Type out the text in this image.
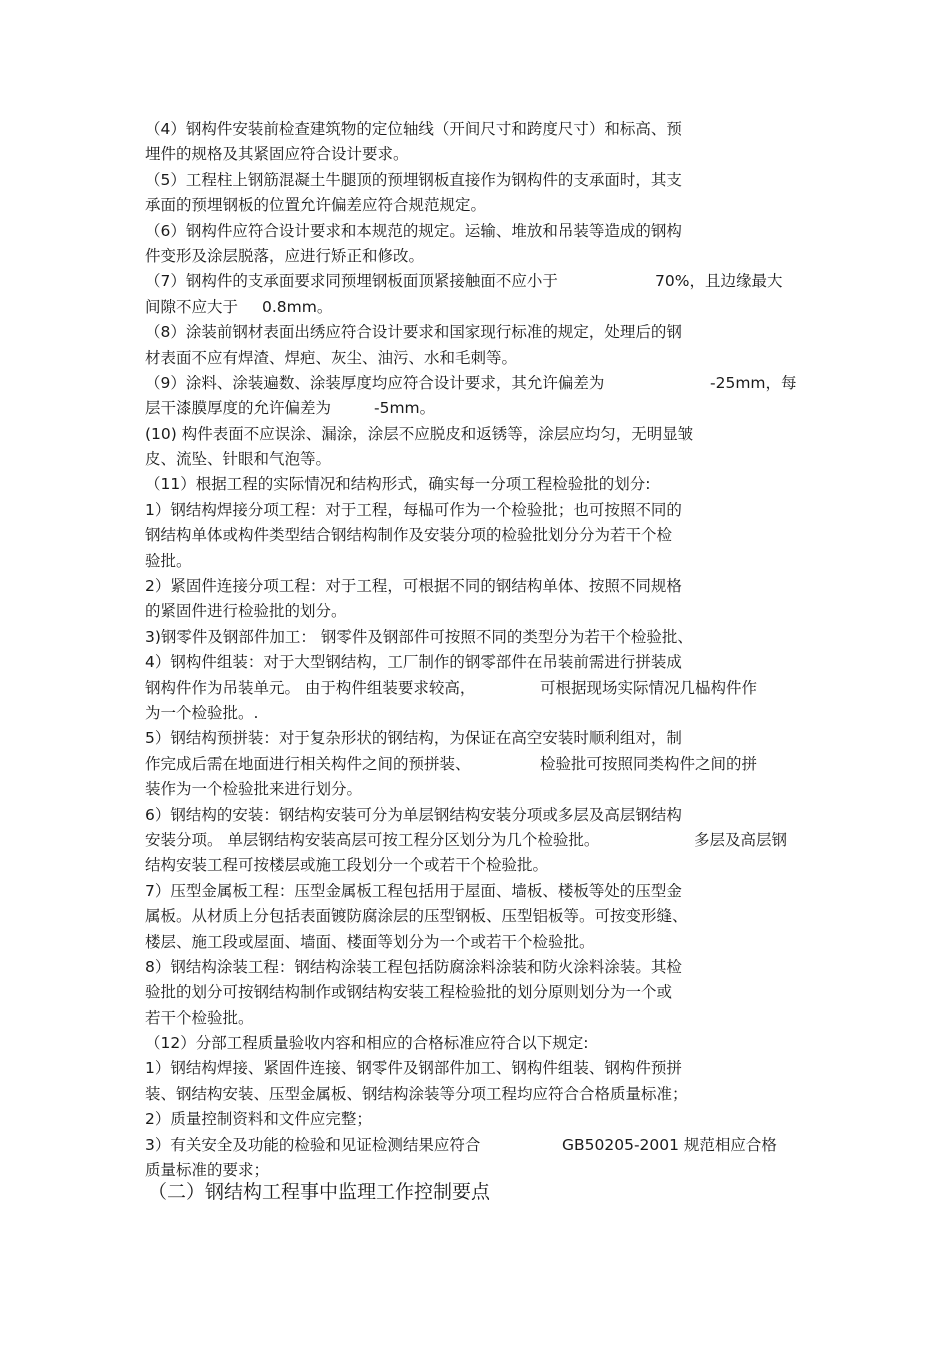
（4）钢构件安装前检查建筑物的定位轴线（开间尺寸和跨度尺寸）和标高、预
埋件的规格及其紧固应符合设计要求。
（5）工程柱上钢筋混凝土牛腿顶的预埋钢板直接作为钢构件的支承面时，其支
承面的预埋钢板的位置允许偏差应符合规范规定。
（6）钢构件应符合设计要求和本规范的规定。运输、堆放和吊装等造成的钢构
件变形及涂层脱落，应进行矫正和修改。
（7）钢构件的支承面要求同预埋钢板面顶紧接触面不应小于	70%，且边缘最大
间隙不应大于 0.8mm。
（8）涂装前钢材表面出绣应符合设计要求和国家现行标准的规定，处理后的钢
材表面不应有焊渣、焊疤、灰尘、油污、水和毛刺等。
（9）涂料、涂装遍数、涂装厚度均应符合设计要求，其允许偏差为	-25mm，每
层干漆膜厚度的允许偏差为	-5mm。
(10) 构件表面不应误涂、漏涂，涂层不应脱皮和返锈等，涂层应均匀，无明显皱
皮、流坠、针眼和气泡等。
（11）根据工程的实际情况和结构形式，确实每一分项工程检验批的划分:
1）钢结构焊接分项工程：对于工程，每榀可作为一个检验批；也可按照不同的
钢结构单体或构件类型结合钢结构制作及安装分项的检验批划分分为若干个检
验批。
2）紧固件连接分项工程：对于工程，可根据不同的钢结构单体、按照不同规格
的紧固件进行检验批的划分。
3)钢零件及钢部件加工： 钢零件及钢部件可按照不同的类型分为若干个检验批、
4）钢构件组装：对于大型钢结构，工厂制作的钢零部件在吊装前需进行拼装成
钢构件作为吊装单元。 由于构件组装要求较高，	可根据现场实际情况几榀构件作
为一个检验批。.
5）钢结构预拼装：对于复杂形状的钢结构，为保证在高空安装时顺利组对，制
作完成后需在地面进行相关构件之间的预拼装、	检验批可按照同类构件之间的拼
装作为一个检验批来进行划分。
6）钢结构的安装：钢结构安装可分为单层钢结构安装分项或多层及高层钢结构
安装分项。 单层钢结构安装高层可按工程分区划分为几个检验批。	多层及高层钢
结构安装工程可按楼层或施工段划分一个或若干个检验批。
7）压型金属板工程：压型金属板工程包括用于屋面、墙板、楼板等处的压型金
属板。从材质上分包括表面镀防腐涂层的压型钢板、压型铝板等。可按变形缝、
楼层、施工段或屋面、墙面、楼面等划分为一个或若干个检验批。
8）钢结构涂装工程：钢结构涂装工程包括防腐涂料涂装和防火涂料涂装。其检
验批的划分可按钢结构制作或钢结构安装工程检验批的划分原则划分为一个或
若干个检验批。
（12）分部工程质量验收内容和相应的合格标准应符合以下规定:
1）钢结构焊接、紧固件连接、钢零件及钢部件加工、钢构件组装、钢构件预拼
装、钢结构安装、压型金属板、钢结构涂装等分项工程均应符合合格质量标准；
2）质量控制资料和文件应完整；
3）有关安全及功能的检验和见证检测结果应符合	GB50205-2001 规范相应合格
质量标准的要求；
（二）钢结构工程事中监理工作控制要点
